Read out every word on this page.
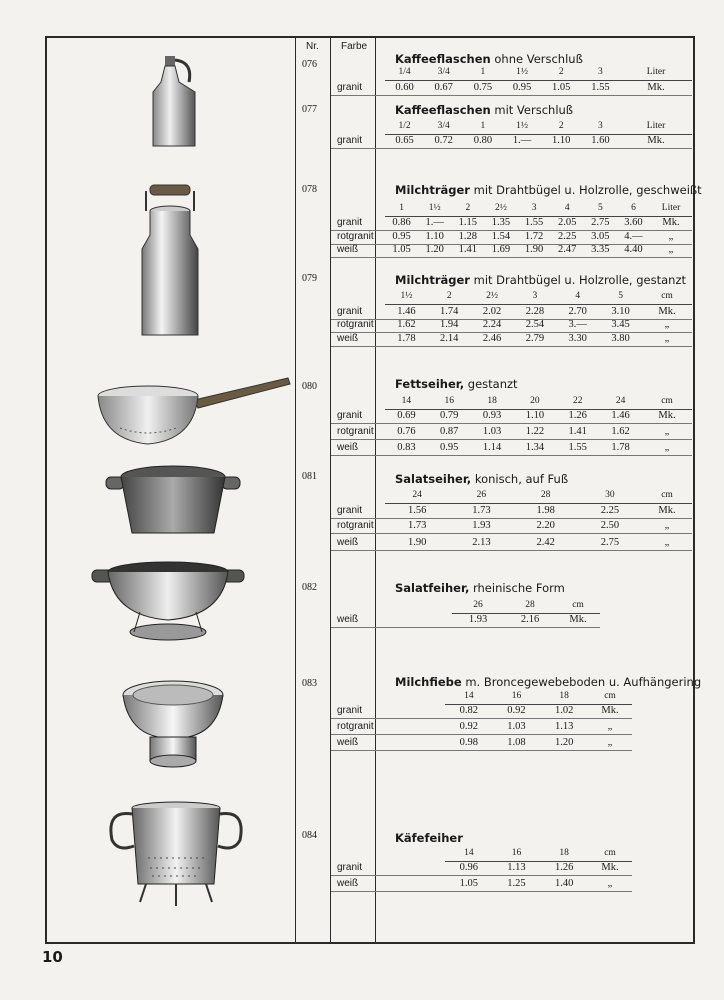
Nr. Farbe
076	Kaffeeflaschen ohne Verschluß
1/4	3/4	1	1½	2	3	Liter
granit	0.60	0.67	0.75	0.95	1.05	1.55	Mk.
077	Kaffeeflaschen mit Verschluß
1/2	3/4	1	1½	2	3	Liter
granit	0.65	0.72	0.80	1.—	1.10	1.60	Mk.
078	Milchträger mit Drahtbügel u. Holzrolle, geschweißt
1	1½	2	2½	3	4	5	6	Liter
granit	0.86	1.—	1.15	1.35	1.55	2.05	2.75	3.60	Mk.
rotgranit	0.95	1.10	1.28	1.54	1.72	2.25	3.05	4.—	„
weiß	1.05	1.20	1.41	1.69	1.90	2.47	3.35	4.40	„
079	Milchträger mit Drahtbügel u. Holzrolle, gestanzt
1½	2	2½	3	4	5	cm
granit	1.46	1.74	2.02	2.28	2.70	3.10	Mk.
rotgranit	1.62	1.94	2.24	2.54	3.—	3.45	„
weiß	1.78	2.14	2.46	2.79	3.30	3.80	„
080	Fettseiher, gestanzt
14	16	18	20	22	24	cm
granit	0.69	0.79	0.93	1.10	1.26	1.46	Mk.
rotgranit	0.76	0.87	1.03	1.22	1.41	1.62	„
weiß	0.83	0.95	1.14	1.34	1.55	1.78	„
081	Salatseiher, konisch, auf Fuß
24	26	28	30	cm
granit	1.56	1.73	1.98	2.25	Mk.
rotgranit	1.73	1.93	2.20	2.50	„
weiß	1.90	2.13	2.42	2.75	„
082	Salatfeiher, rheinische Form
26	28	cm
weiß	1.93	2.16	Mk.
083	Milchfiebe m. Broncegewebeboden u. Aufhängering
14	16	18	cm
granit	0.82	0.92	1.02	Mk.
rotgranit	0.92	1.03	1.13	„
weiß	0.98	1.08	1.20	„
084	Käfefeiher
14	16	18	cm
granit	0.96	1.13	1.26	Mk.
weiß	1.05	1.25	1.40	„
10
